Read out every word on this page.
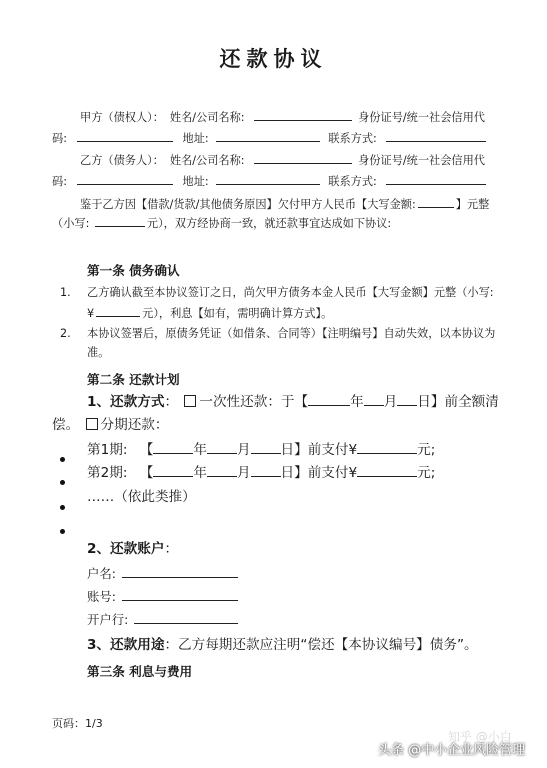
还款协议
甲方（债权人）： 姓名/公司名称:	身份证号/统一社会信用代
码:	地址:	联系方式:
乙方（债务人）： 姓名/公司名称:	身份证号/统一社会信用代
码:	地址:	联系方式:
鉴于乙方因【借款/货款/其他债务原因】欠付甲方人民币【大写金额:	】元整
（小写:	元），双方经协商一致，就还款事宜达成如下协议:
第一条 债务确认
1. 乙方确认截至本协议签订之日，尚欠甲方债务本金人民币【大写金额】元整（小写:
¥	元），利息【如有，需明确计算方式】。
2. 本协议签署后，原债务凭证（如借条、合同等）【注明编号】自动失效，以本协议为
准。
第二条 还款计划
1、还款方式： 一次性还款：于【	年 月 日】前全额清
偿。 分期还款：
第1期: 【	年 月 日】前支付¥	元;
第2期: 【	年 月 日】前支付¥	元;
……（依此类推）
2、还款账户：
户名:
账号:
开户行:
3、还款用途：乙方每期还款应注明“偿还【本协议编号】债务”。
第三条 利息与费用
页码：1/3
知乎 @小白
头条 @中小企业风险管理
